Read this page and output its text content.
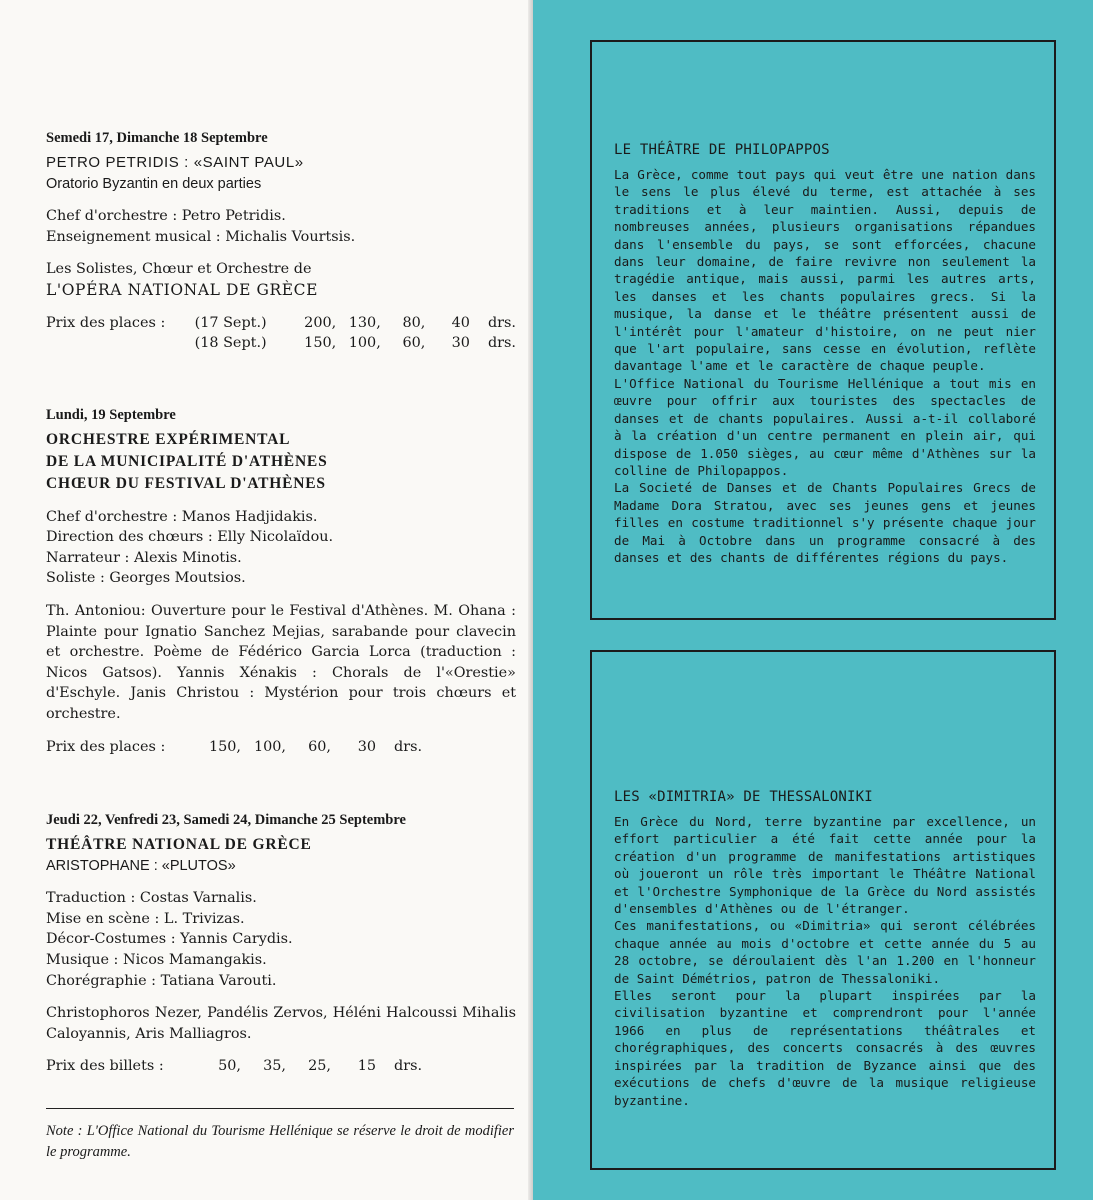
Semedi 17, Dimanche 18 Septembre
PETRO PETRIDIS : «SAINT PAUL»
Oratorio Byzantin en deux parties
Chef d'orchestre : Petro Petridis.
Enseignement musical : Michalis Vourtsis.
Les Solistes, Chœur et Orchestre de
L'OPÉRA NATIONAL DE GRÈCE
Prix des places :	(17 Sept.)	200, 130,	80,	40 drs.
(18 Sept.)	150, 100,	60,	30 drs.
Lundi, 19 Septembre
ORCHESTRE EXPÉRIMENTAL
DE LA MUNICIPALITÉ D'ATHÈNES
CHŒUR DU FESTIVAL D'ATHÈNES
Chef d'orchestre : Manos Hadjidakis.
Direction des chœurs : Elly Nicolaïdou.
Narrateur : Alexis Minotis.
Soliste : Georges Moutsios.

Th. Antoniou: Ouverture pour le Festival d'Athènes. M. Ohana : Plainte pour Ignatio Sanchez Mejias, sarabande pour clavecin et orchestre. Poème de Fédérico Garcia Lorca (traduction : Nicos Gatsos). Yannis Xénakis : Chorals de l'«Orestie» d'Eschyle. Janis Christou : Mystérion pour trois chœurs et orchestre.

Prix des places :	150, 100,	60,	30 drs.
Jeudi 22, Venfredi 23, Samedi 24, Dimanche 25 Septembre
THÉÂTRE NATIONAL DE GRÈCE
ARISTOPHANE : «PLUTOS»
Traduction : Costas Varnalis.
Mise en scène : L. Trivizas.
Décor-Costumes : Yannis Carydis.
Musique : Nicos Mamangakis.
Chorégraphie : Tatiana Varouti.

Christophoros Nezer, Pandélis Zervos, Héléni Halcoussi Mihalis Caloyannis, Aris Malliagros.

Prix des billets :	50,	35,	25,	15 drs.
Note : L'Office National du Tourisme Hellénique se réserve le droit de modifier le programme.

LE THÉÂTRE DE PHILOPAPPOS

La Grèce, comme tout pays qui veut être une nation dans le sens le plus élevé du terme, est attachée à ses traditions et à leur maintien. Aussi, depuis de nombreuses années, plusieurs organisations répandues dans l'ensemble du pays, se sont efforcées, chacune dans leur domaine, de faire revivre non seulement la tragédie antique, mais aussi, parmi les autres arts, les danses et les chants populaires grecs. Si la musique, la danse et le théâtre présentent aussi de l'intérêt pour l'amateur d'histoire, on ne peut nier que l'art populaire, sans cesse en évolution, reflète davantage l'ame et le caractère de chaque peuple.

L'Office National du Tourisme Hellénique a tout mis en œuvre pour offrir aux touristes des spectacles de danses et de chants populaires. Aussi a-t-il collaboré à la création d'un centre permanent en plein air, qui dispose de 1.050 sièges, au cœur même d'Athènes sur la colline de Philopappos.

La Societé de Danses et de Chants Populaires Grecs de Madame Dora Stratou, avec ses jeunes gens et jeunes filles en costume traditionnel s'y présente chaque jour de Mai à Octobre dans un programme consacré à des danses et des chants de différentes régions du pays.

LES «DIMITRIA» DE THESSALONIKI

En Grèce du Nord, terre byzantine par excellence, un effort particulier a été fait cette année pour la création d'un programme de manifestations artistiques où joueront un rôle très important le Théâtre National et l'Orchestre Symphonique de la Grèce du Nord assistés d'ensembles d'Athènes ou de l'étranger.

Ces manifestations, ou «Dimitria» qui seront célébrées chaque année au mois d'octobre et cette année du 5 au 28 octobre, se déroulaient dès l'an 1.200 en l'honneur de Saint Démétrios, patron de Thessaloniki.

Elles seront pour la plupart inspirées par la civilisation byzantine et comprendront pour l'année 1966 en plus de représentations théâtrales et chorégraphiques, des concerts consacrés à des œuvres inspirées par la tradition de Byzance ainsi que des exécutions de chefs d'œuvre de la musique religieuse byzantine.
